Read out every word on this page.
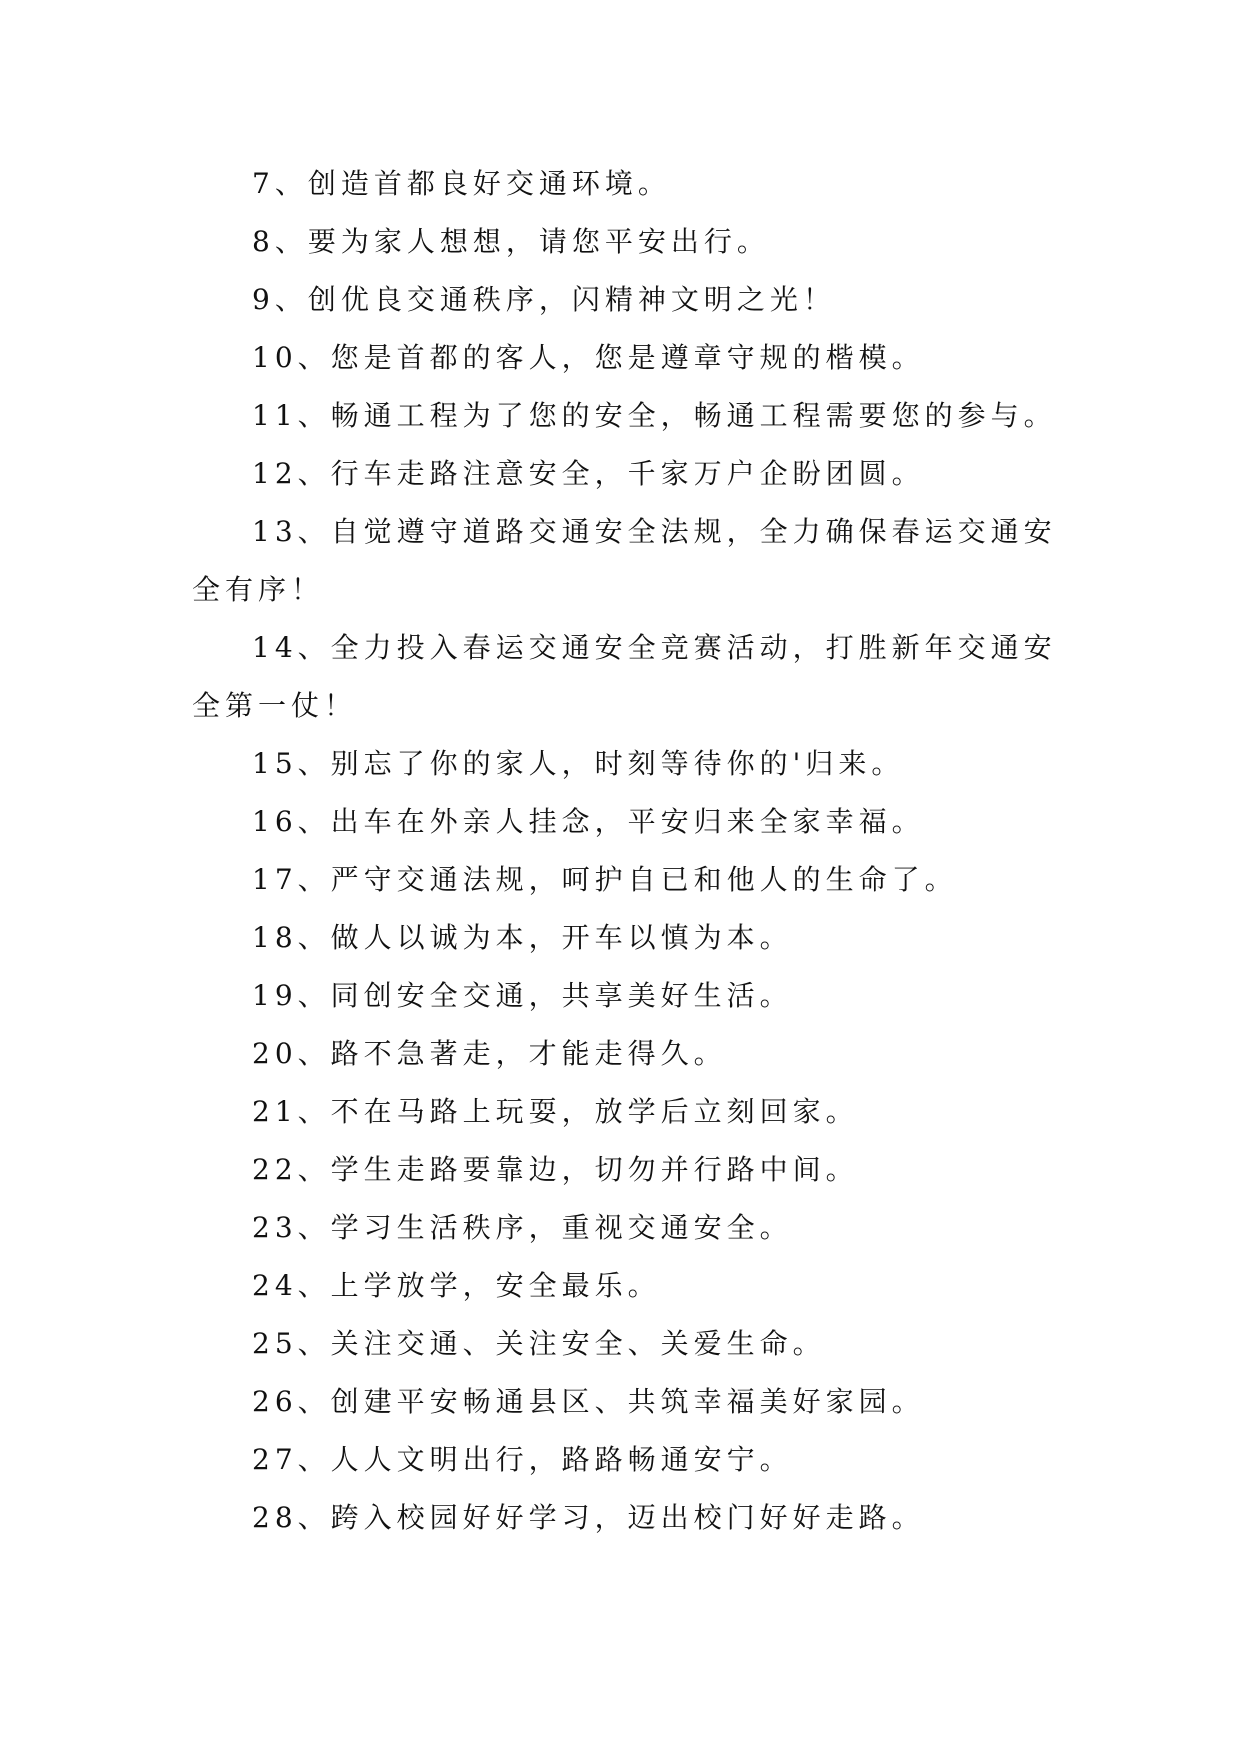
7、创造首都良好交通环境。
8、要为家人想想，请您平安出行。
9、创优良交通秩序，闪精神文明之光！
10、您是首都的客人，您是遵章守规的楷模。
11、畅通工程为了您的安全，畅通工程需要您的参与。
12、行车走路注意安全，千家万户企盼团圆。
13、自觉遵守道路交通安全法规，全力确保春运交通安
全有序！
14、全力投入春运交通安全竞赛活动，打胜新年交通安
全第一仗！
15、别忘了你的家人，时刻等待你的'归来。
16、出车在外亲人挂念，平安归来全家幸福。
17、严守交通法规，呵护自已和他人的生命了。
18、做人以诚为本，开车以慎为本。
19、同创安全交通，共享美好生活。
20、路不急著走，才能走得久。
21、不在马路上玩耍，放学后立刻回家。
22、学生走路要靠边，切勿并行路中间。
23、学习生活秩序，重视交通安全。
24、上学放学，安全最乐。
25、关注交通、关注安全、关爱生命。
26、创建平安畅通县区、共筑幸福美好家园。
27、人人文明出行，路路畅通安宁。
28、跨入校园好好学习，迈出校门好好走路。
